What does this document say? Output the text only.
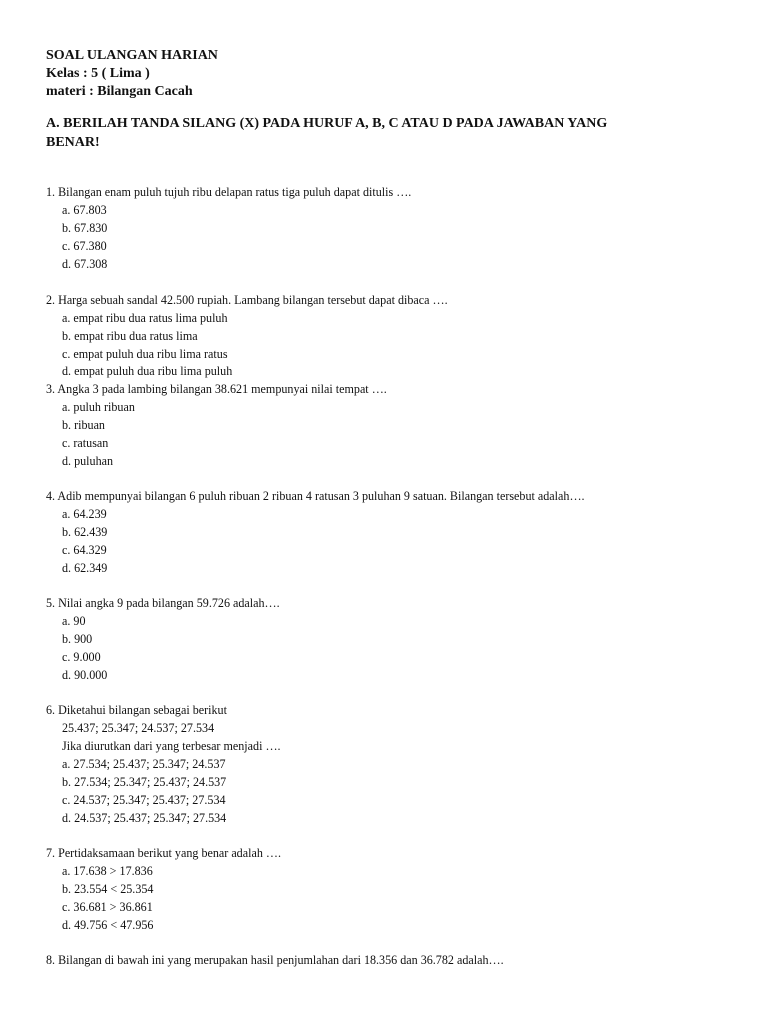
SOAL ULANGAN HARIAN
Kelas : 5 ( Lima )
materi : Bilangan Cacah
A. BERILAH TANDA SILANG (X) PADA HURUF A, B, C ATAU D PADA JAWABAN YANG
BENAR!
1. Bilangan enam puluh tujuh ribu delapan ratus tiga puluh dapat ditulis ….
a. 67.803
b. 67.830
c. 67.380
d. 67.308
2. Harga sebuah sandal 42.500 rupiah. Lambang bilangan tersebut dapat dibaca ….
a. empat ribu dua ratus lima puluh
b. empat ribu dua ratus lima
c. empat puluh dua ribu lima ratus
d. empat puluh dua ribu lima puluh
3. Angka 3 pada lambing bilangan 38.621 mempunyai nilai tempat ….
a. puluh ribuan
b. ribuan
c. ratusan
d. puluhan
4. Adib mempunyai bilangan 6 puluh ribuan 2 ribuan 4 ratusan 3 puluhan 9 satuan. Bilangan tersebut adalah….
a. 64.239
b. 62.439
c. 64.329
d. 62.349
5. Nilai angka 9 pada bilangan 59.726 adalah….
a. 90
b. 900
c. 9.000
d. 90.000
6. Diketahui bilangan sebagai berikut
25.437; 25.347; 24.537; 27.534
Jika diurutkan dari yang terbesar menjadi ….
a. 27.534; 25.437; 25.347; 24.537
b. 27.534; 25.347; 25.437; 24.537
c. 24.537; 25.347; 25.437; 27.534
d. 24.537; 25.437; 25.347; 27.534
7. Pertidaksamaan berikut yang benar adalah ….
a. 17.638 > 17.836
b. 23.554 < 25.354
c. 36.681 > 36.861
d. 49.756 < 47.956
8. Bilangan di bawah ini yang merupakan hasil penjumlahan dari 18.356 dan 36.782 adalah….
